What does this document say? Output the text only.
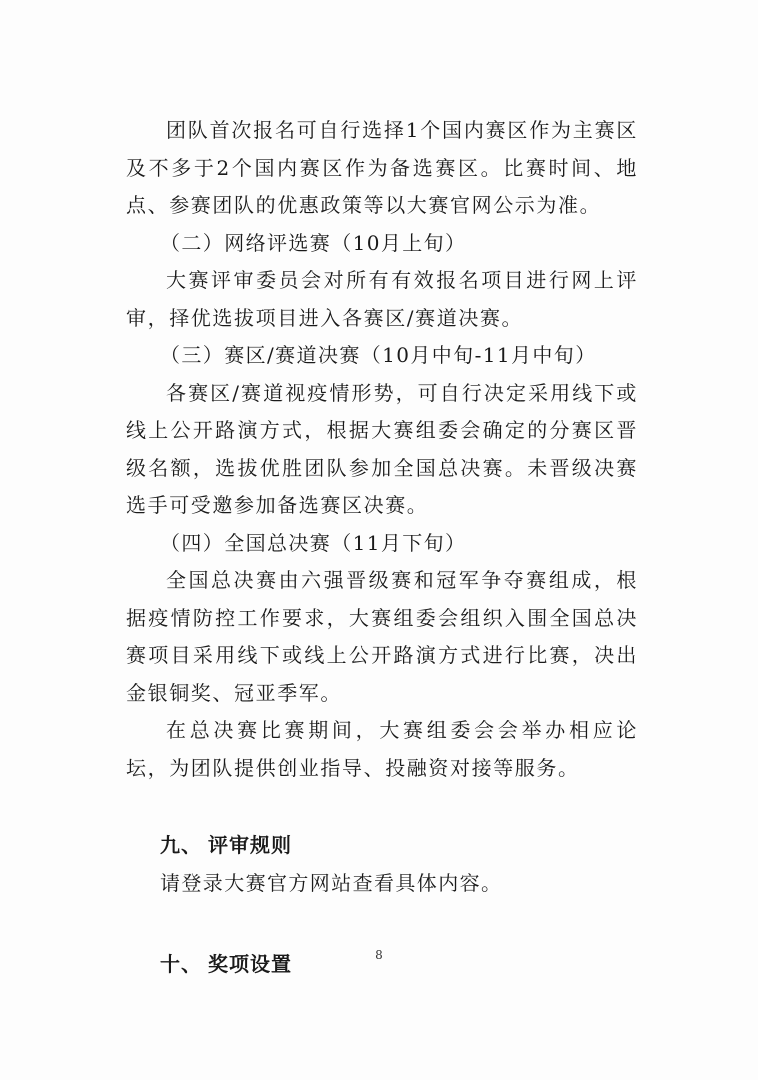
团队首次报名可自行选择1个国内赛区作为主赛区及不多于2个国内赛区作为备选赛区。比赛时间、地点、参赛团队的优惠政策等以大赛官网公示为准。

（二）网络评选赛（10月上旬）

大赛评审委员会对所有有效报名项目进行网上评审，择优选拔项目进入各赛区/赛道决赛。

（三）赛区/赛道决赛（10月中旬-11月中旬）

各赛区/赛道视疫情形势，可自行决定采用线下或线上公开路演方式，根据大赛组委会确定的分赛区晋级名额，选拔优胜团队参加全国总决赛。未晋级决赛选手可受邀参加备选赛区决赛。

（四）全国总决赛（11月下旬）

全国总决赛由六强晋级赛和冠军争夺赛组成，根据疫情防控工作要求，大赛组委会组织入围全国总决赛项目采用线下或线上公开路演方式进行比赛，决出金银铜奖、冠亚季军。

在总决赛比赛期间，大赛组委会会举办相应论坛，为团队提供创业指导、投融资对接等服务。

九、 评审规则

请登录大赛官方网站查看具体内容。

十、 奖项设置	8
